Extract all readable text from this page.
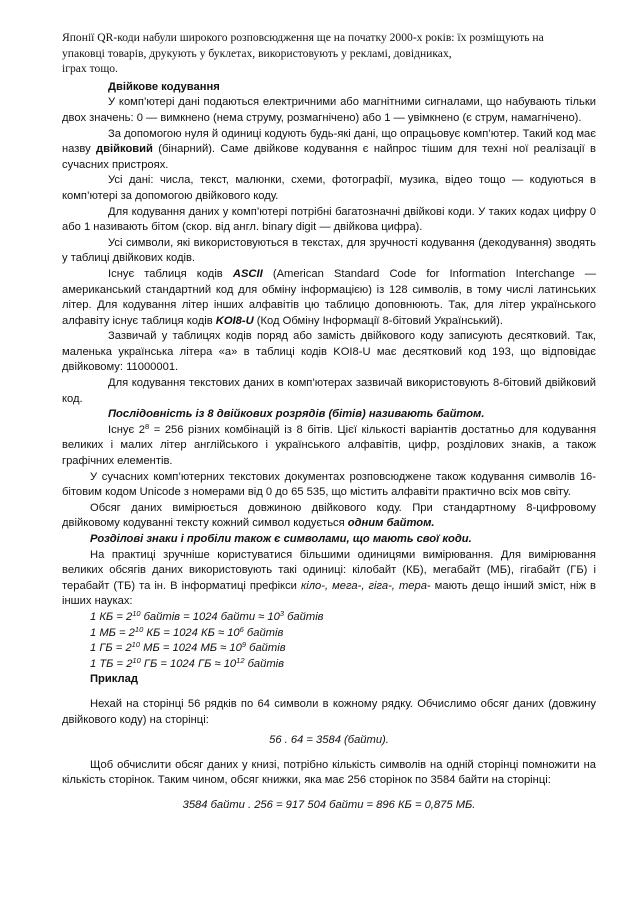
Японії QR-коди набули широкого розповсюдження ще на початку 2000-х років: їх розміщують на

упаковці товарів, друкують у буклетах, використовують у рекламі, довідниках,

іграх тощо.

Двійкове кодування

У комп’ютері дані подаються електричними або магнітними сигналами, що набувають тільки двох значень: 0 — вимкнено (нема струму, розмагнічено) або 1 — увімкнено (є струм, намагнічено).

За допомогою нуля й одиниці кодують будь-які дані, що опрацьовує комп’ютер. Такий код має назву двійковий (бінарний). Саме двійкове кодування є найпрос тішим для техні ної реалізації в сучасних пристроях.

Усі дані: числа, текст, малюнки, схеми, фотографії, музика, відео тощо — кодуються в комп’ютері за допомогою двійкового коду.

Для кодування даних у комп’ютері потрібні багатозначні двійкові коди. У таких кодах цифру 0 або 1 називають бітом (скор. від англ. binary digit — двійкова цифра).

Усі символи, які використовуються в текстах, для зручності кодування (декодування) зводять у таблиці двійкових кодів.

Існує таблиця кодів ASCII (American Standard Code for Information Interchange — американський стандартний код для обміну інформацією) із 128 символів, в тому числі латинських літер. Для кодування літер інших алфавітів цю таблицю доповнюють. Так, для літер українського алфавіту існує таблиця кодів KOI8-U (Код Обміну Інформації 8-бітовий Український).

Зазвичай у таблицях кодів поряд або замість двійкового коду записують десятковий. Так, маленька українська літера «а» в таблиці кодів KOI8-U має десятковий код 193, що відповідає двійковому: 11000001.

Для кодування текстових даних в комп’ютерах зазвичай використовують 8-бітовий двійковий код.

Послідовність із 8 двійкових розрядів (бітів) називають байтом.

Існує $2^8 = 256$ різних комбінацій із 8 бітів. Цієї кількості варіантів достатньо для кодування великих і малих літер англійського і українського алфавітів, цифр, розділових знаків, а також графічних елементів.

У сучасних комп’ютерних текстових документах розповсюджене також кодування символів 16-бітовим кодом Unicode з номерами від 0 до 65 535, що містить алфавіти практично всіх мов світу.

Обсяг даних вимірюється довжиною двійкового коду. При стандартному 8-цифровому двійковому кодуванні тексту кожний символ кодується одним байтом.

Розділові знаки і пробіли також є символами, що мають свої коди.

На практиці зручніше користуватися більшими одиницями вимірювання. Для вимірювання великих обсягів даних використовують такі одиниці: кілобайт (КБ), мегабайт (МБ), гігабайт (ГБ) і терабайт (ТБ) та ін. В інформатиці префікси кіло-, мега-, гіга-, тера- мають дещо інший зміст, ніж в інших науках:

1 КБ = $2^{10}$ байтів = 1024 байти ≈ $10^3$ байтів

1 МБ = $2^{10}$ КБ = 1024 КБ ≈ $10^6$ байтів

1 ГБ = $2^{10}$ МБ = 1024 МБ ≈ $10^9$ байтів

1 ТБ = $2^{10}$ ГБ = 1024 ГБ ≈ $10^{12}$ байтів

Приклад

Нехай на сторінці 56 рядків по 64 символи в кожному рядку. Обчислимо обсяг даних (довжину двійкового коду) на сторінці:

56 . 64 = 3584 (байти).

Щоб обчислити обсяг даних у книзі, потрібно кількість символів на одній сторінці помножити на кількість сторінок. Таким чином, обсяг книжки, яка має 256 сторінок по 3584 байти на сторінці:

3584 байти . 256 = 917 504 байти = 896 КБ = 0,875 МБ.
